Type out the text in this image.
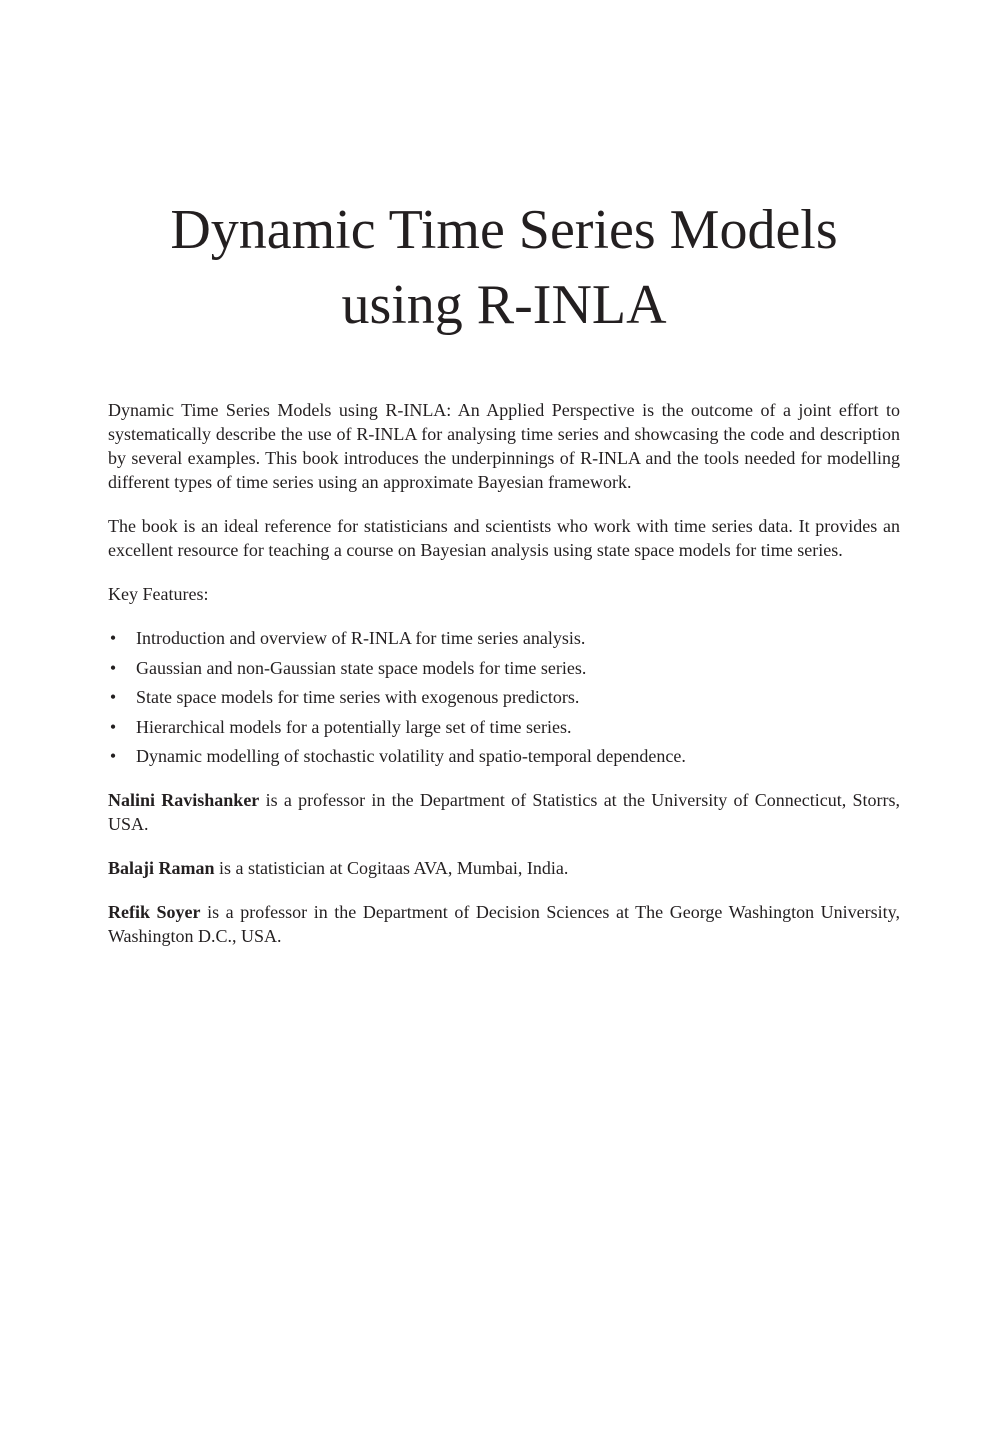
Dynamic Time Series Models
using R-INLA

Dynamic Time Series Models using R-INLA: An Applied Perspective is the outcome of a joint effort to systematically describe the use of R-INLA for analysing time series and showcasing the code and description by several examples. This book introduces the underpinnings of R-INLA and the tools needed for modelling different types of time series using an approximate Bayesian framework.

The book is an ideal reference for statisticians and scientists who work with time series data. It provides an excellent resource for teaching a course on Bayesian analysis using state space models for time series.

Key Features:

• Introduction and overview of R-INLA for time series analysis.
• Gaussian and non-Gaussian state space models for time series.
• State space models for time series with exogenous predictors.
• Hierarchical models for a potentially large set of time series.
• Dynamic modelling of stochastic volatility and spatio-temporal dependence.

Nalini Ravishanker is a professor in the Department of Statistics at the University of Connecticut, Storrs, USA.

Balaji Raman is a statistician at Cogitaas AVA, Mumbai, India.

Refik Soyer is a professor in the Department of Decision Sciences at The George Washington University, Washington D.C., USA.
